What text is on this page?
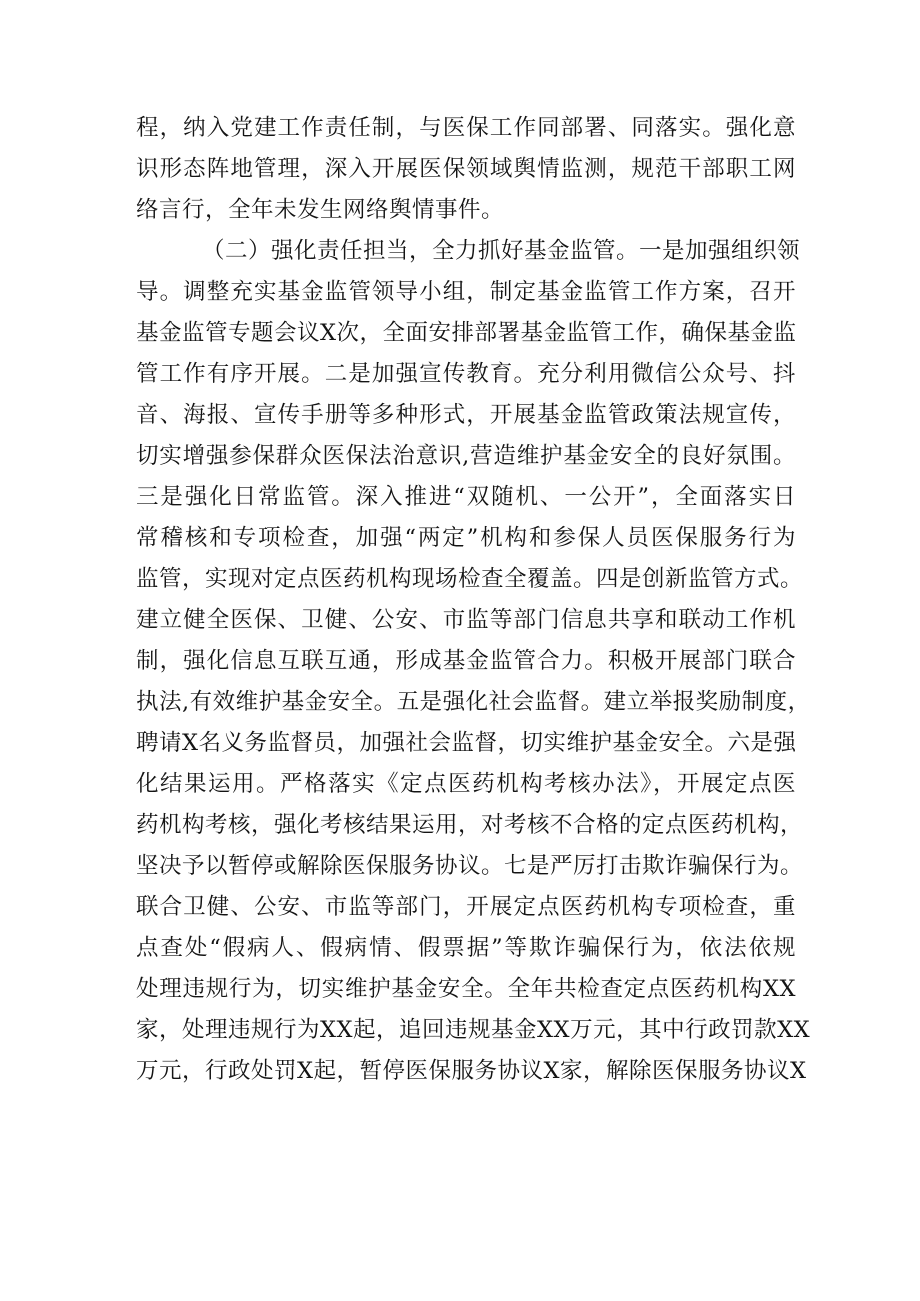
程，纳入党建工作责任制，与医保工作同部署、同落实。强化意
识形态阵地管理，深入开展医保领域舆情监测，规范干部职工网
络言行，全年未发生网络舆情事件。
（二）强化责任担当，全力抓好基金监管。一是加强组织领
导。调整充实基金监管领导小组，制定基金监管工作方案，召开
基金监管专题会议X次，全面安排部署基金监管工作，确保基金监
管工作有序开展。二是加强宣传教育。充分利用微信公众号、抖
音、海报、宣传手册等多种形式，开展基金监管政策法规宣传，
切实增强参保群众医保法治意识,营造维护基金安全的良好氛围。
三是强化日常监管。深入推进“双随机、一公开”，全面落实日
常稽核和专项检查，加强“两定”机构和参保人员医保服务行为
监管，实现对定点医药机构现场检查全覆盖。四是创新监管方式。
建立健全医保、卫健、公安、市监等部门信息共享和联动工作机
制，强化信息互联互通，形成基金监管合力。积极开展部门联合
执法,有效维护基金安全。五是强化社会监督。建立举报奖励制度，
聘请X名义务监督员，加强社会监督，切实维护基金安全。六是强
化结果运用。严格落实《定点医药机构考核办法》，开展定点医
药机构考核，强化考核结果运用，对考核不合格的定点医药机构，
坚决予以暂停或解除医保服务协议。七是严厉打击欺诈骗保行为。
联合卫健、公安、市监等部门，开展定点医药机构专项检查，重
点查处“假病人、假病情、假票据”等欺诈骗保行为，依法依规
处理违规行为，切实维护基金安全。全年共检查定点医药机构XX
家，处理违规行为XX起，追回违规基金XX万元，其中行政罚款XX
万元，行政处罚X起，暂停医保服务协议X家，解除医保服务协议X
